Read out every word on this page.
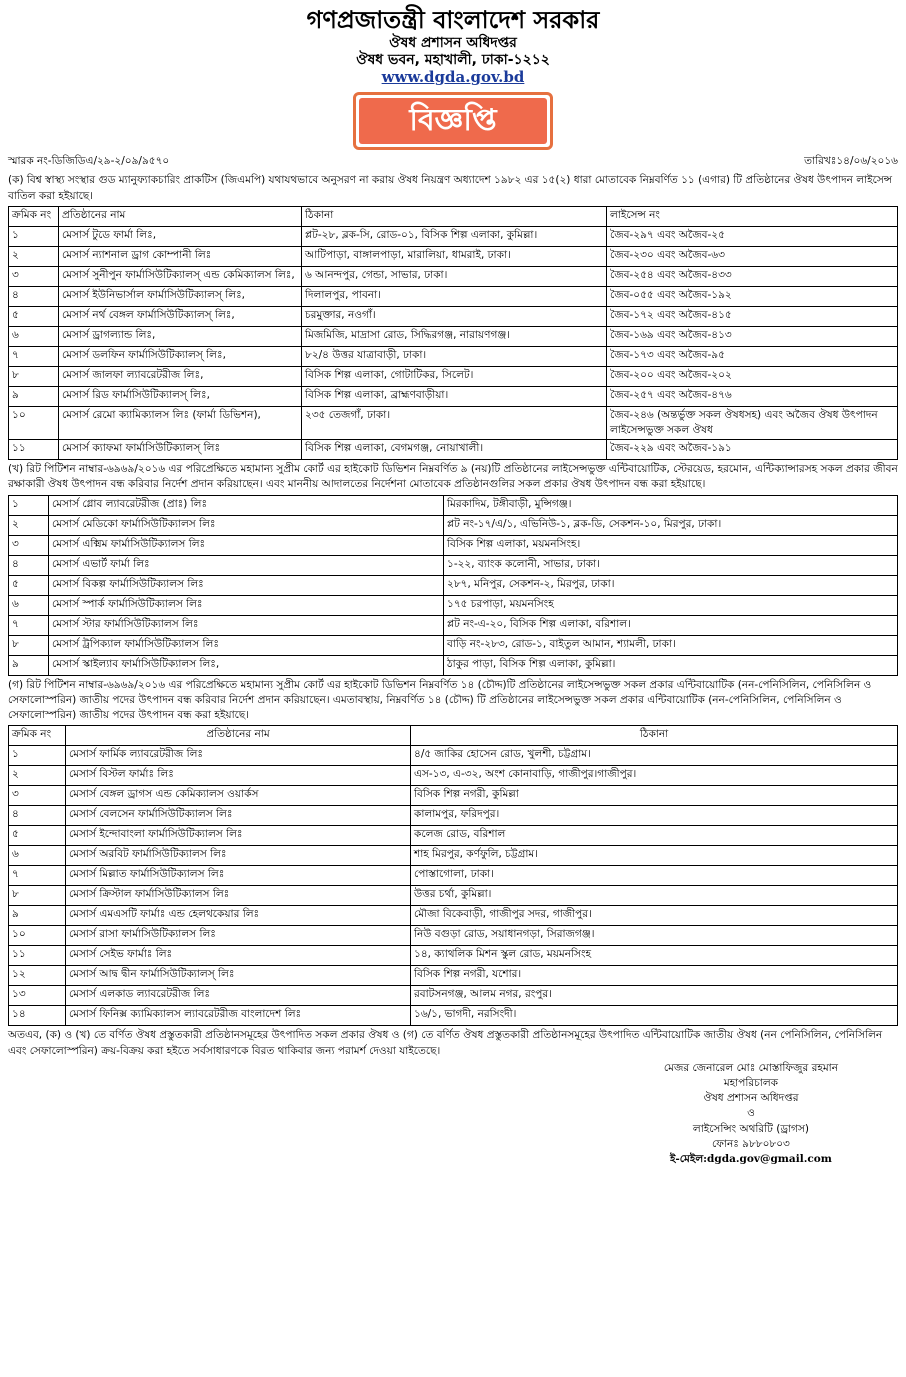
গণপ্রজাতন্ত্রী বাংলাদেশ সরকার
ঔষধ প্রশাসন অধিদপ্তর
ঔষধ ভবন, মহাখালী, ঢাকা-১২১২
www.dgda.gov.bd
বিজ্ঞপ্তি
স্মারক নং-ডিজিডিএ/২৯-২/০৯/৯৫৭০	তারিখঃ১৪/০৬/২০১৬
(ক) বিশ্ব স্বাস্থ্য সংস্থার গুড ম্যানুফ্যাকচারিং প্রাকটিস (জিএমপি) যথাযথভাবে অনুসরণ না করায় ঔষধ নিয়ন্ত্রণ অধ্যাদেশ ১৯৮২ এর ১৫(২) ধারা মোতাবেক নিম্নবর্ণিত ১১ (এগার) টি প্রতিষ্ঠানের ঔষধ উৎপাদন লাইসেন্স বাতিল করা হইয়াছে।
ক্রমিক নং	প্রতিষ্ঠানের নাম	ঠিকানা	লাইসেন্স নং
১	মেসার্স টুডে ফার্মা লিঃ,	প্লট-২৮, ব্লক-সি, রোড-০১, বিসিক শিল্প এলাকা, কুমিল্লা।	জৈব-২৯৭ এবং অজৈব-২৫
২	মেসার্স ন্যাশনাল ড্রাগ কোম্পানী লিঃ	আটিপাড়া, বাঙ্গালপাড়া, মারালিয়া, ধামরাই, ঢাকা।	জৈব-২৩০ এবং অজৈব-৬৩
৩	মেসার্স সুনীপুন ফার্মাসিউটিক্যালস্ এন্ড কেমিক্যালস লিঃ,	৬ আনন্দপুর, গেন্ডা, সাভার, ঢাকা।	জৈব-২৫৪ এবং অজৈব-৪৩৩
৪	মেসার্স ইউনিভার্সাল ফার্মাসিউটিক্যালস্ লিঃ,	দিলালপুর, পাবনা।	জৈব-০৫৫ এবং অজৈব-১৯২
৫	মেসার্স নর্থ বেঙ্গল ফার্মাসিউটিক্যালস্ লিঃ,	চরমুক্তার, নওগাঁ।	জৈব-১৭২ এবং অজৈব-৪১৫
৬	মেসার্স ড্রাগল্যান্ড লিঃ,	মিজমিজি, মাদ্রাসা রোড, সিদ্ধিরগঞ্জ, নারায়ণগঞ্জ।	জৈব-১৬৯ এবং অজৈব-৪১৩
৭	মেসার্স ডলফিন ফার্মাসিউটিক্যালস্ লিঃ,	৮২/৪ উত্তর যাত্রাবাড়ী, ঢাকা।	জৈব-১৭৩ এবং অজৈব-৯৫
৮	মেসার্স জালফা ল্যাবরেটরীজ লিঃ,	বিসিক শিল্প এলাকা, গোটাটিকর, সিলেট।	জৈব-২০০ এবং অজৈব-২০২
৯	মেসার্স রিড ফার্মাসিউটিক্যালস্ লিঃ,	বিসিক শিল্প এলাকা, ব্রাহ্মণবাড়ীয়া।	জৈব-২৫৭ এবং অজৈব-৪৭৬
১০	মেসার্স রেমো ক্যামিক্যালস লিঃ (ফার্মা ডিভিশন),	২৩৫ তেজগাঁ, ঢাকা।	জৈব-২৪৬ (অন্তর্ভুক্ত সকল ঔষধসহ) এবং অজৈব ঔষধ উৎপাদন লাইসেন্সভুক্ত সকল ঔষধ
১১	মেসার্স ক্যাফমা ফার্মাসিউটিক্যালস্ লিঃ	বিসিক শিল্প এলাকা, বেগমগঞ্জ, নোয়াখালী।	জৈব-২২৯ এবং অজৈব-১৯১
(খ) রিট পিটিশন নাম্বার-৬৯৬৯/২০১৬ এর পরিপ্রেক্ষিতে মহামান্য সুপ্রীম কোর্ট এর হাইকোট ডিভিশন নিম্নবর্ণিত ৯ (নয়)টি প্রতিষ্ঠানের লাইসেন্সভুক্ত এন্টিবায়োটিক, স্টেরয়েড, হরমোন, এন্টিক্যান্সারসহ সকল প্রকার জীবন রক্ষাকারী ঔষধ উৎপাদন বন্ধ করিবার নির্দেশ প্রদান করিয়াছেন। এবং মাননীয় আদালতের নির্দেশনা মোতাবেক প্রতিষ্ঠানগুলির সকল প্রকার ঔষধ উৎপাদন বন্ধ করা হইয়াছে।
১	মেসার্স গ্লোব ল্যাবরেটরীজ (প্রাঃ) লিঃ	মিরকাদিম, টঙ্গীবাড়ী, মুন্সিগঞ্জ।
২	মেসার্স মেডিকো ফার্মাসিউটিক্যালস লিঃ	প্লট নং-১৭/এ/১, এভিনিউ-১, ব্লক-ডি, সেকশন-১০, মিরপুর, ঢাকা।
৩	মেসার্স এক্মিম ফার্মাসিউটিক্যালস লিঃ	বিসিক শিল্প এলাকা, ময়মনসিংহ।
৪	মেসার্স এভার্ট ফার্মা লিঃ	১-২২, ব্যাংক কলোনী, সাভার, ঢাকা।
৫	মেসার্স বিকল্প ফার্মাসিউটিক্যালস লিঃ	২৮৭, মনিপুর, সেকশন-২, মিরপুর, ঢাকা।
৬	মেসার্স স্পার্ক ফার্মাসিউটিক্যালস লিঃ	১৭৫ চরপাড়া, ময়মনসিংহ
৭	মেসার্স স্টার ফার্মাসিউটিক্যালস লিঃ	প্লট নং-এ-২০, বিসিক শিল্প এলাকা, বরিশাল।
৮	মেসার্স ট্রপিক্যাল ফার্মাসিউটিক্যালস লিঃ	বাড়ি নং-২৮৩, রোড-১, বাইতুল আমান, শ্যামলী, ঢাকা।
৯	মেসার্স স্কাইল্যাব ফার্মাসিউটিক্যালস লিঃ,	ঠাকুর পাড়া, বিসিক শিল্প এলাকা, কুমিল্লা।
(গ) রিট পিটিশন নাম্বার-৬৯৬৯/২০১৬ এর পরিপ্রেক্ষিতে মহামান্য সুপ্রীম কোর্ট এর হাইকোট ডিভিশন নিম্নবর্ণিত ১৪ (চৌদ্দ)টি প্রতিষ্ঠানের লাইসেন্সভুক্ত সকল প্রকার এন্টিবায়োটিক (নন-পেনিসিলিন, পেনিসিলিন ও সেফালোস্পরিন) জাতীয় পদের উৎপাদন বন্ধ করিবার নির্দেশ প্রদান করিয়াছেন। এমতাবস্থায়, নিম্নবর্ণিত ১৪ (চৌদ্দ) টি প্রতিষ্ঠানের লাইসেন্সভুক্ত সকল প্রকার এন্টিবায়োটিক (নন-পেনিসিলিন, পেনিসিলিন ও সেফালোস্পরিন) জাতীয় পদের উৎপাদন বন্ধ করা হইয়াছে।
ক্রমিক নং	প্রতিষ্ঠানের নাম	ঠিকানা
১	মেসার্স ফার্মিক ল্যাবরেটরীজ লিঃ	৪/৫ জাকির হোসেন রোড, খুলশী, চট্টগ্রাম।
২	মেসার্স বিস্টল ফার্মাঃ লিঃ	এস-১৩, এ-৩২, অংশ কোনাবাড়ি, গাজীপুর।গাজীপুর।
৩	মেসার্স বেঙ্গল ড্রাগস এন্ড কেমিক্যালস ওয়ার্কস	বিসিক শিল্প নগরী, কুমিল্লা
৪	মেসার্স বেলসেন ফার্মাসিউটিক্যালস লিঃ	কালামপুর, ফরিদপুর।
৫	মেসার্স ইন্দোবাংলা ফার্মাসিউটিক্যালস লিঃ	কলেজ রোড, বরিশাল
৬	মেসার্স অরবিট ফার্মাসিউটিক্যালস লিঃ	শাহ মিরপুর, কর্ণফুলি, চট্টগ্রাম।
৭	মেসার্স মিল্লাত ফার্মাসিউটিক্যালস লিঃ	পোস্তাগোলা, ঢাকা।
৮	মেসার্স ক্রিস্টাল ফার্মাসিউটিক্যালস লিঃ	উত্তর চর্থা, কুমিল্লা।
৯	মেসার্স এমএসটি ফার্মাঃ এন্ড হেলথকেয়ার লিঃ	মৌজা বিকেবাড়ী, গাজীপুর সদর, গাজীপুর।
১০	মেসার্স রাসা ফার্মাসিউটিক্যালস লিঃ	নিউ বগুড়া রোড, সয়াধানগড়া, সিরাজগঞ্জ।
১১	মেসার্স সেইভ ফার্মাঃ লিঃ	১৪, ক্যাথলিক মিশন স্কুল রোড, ময়মনসিংহ
১২	মেসার্স আদ্ব দ্বীন ফার্মাসিউটিক্যালস্ লিঃ	বিসিক শিল্প নগরী, যশোর।
১৩	মেসার্স এলকাড ল্যাবরেটরীজ লিঃ	রবাটসনগঞ্জ, আলম নগর, রংপুর।
১৪	মেসার্স ফিনিক্স ক্যামিক্যালস ল্যাবরেটরীজ বাংলাদেশ লিঃ	১৬/১, ভাগদী, নরসিংদী।
অতএব, (ক) ও (খ) তে বর্ণিত ঔষধ প্রস্তুতকারী প্রতিষ্ঠানসমূহের উৎপাদিত সকল প্রকার ঔষধ ও (গ) তে বর্ণিত ঔষধ প্রস্তুতকারী প্রতিষ্ঠানসমূহের উৎপাদিত এন্টিবায়োটিক জাতীয় ঔষধ (নন পেনিসিলিন, পেনিসিলিন এবং সেফালোস্পরিন) ক্রয়-বিক্রয় করা হইতে সর্বসাধারণকে বিরত থাকিবার জন্য পরামর্শ দেওয়া যাইতেছে।
মেজর জেনারেল মোঃ মোস্তাফিজুর রহমান
মহাপরিচালক
ঔষধ প্রশাসন অধিদপ্তর
ও
লাইসেন্সিং অথরিটি (ড্রাগস)
ফোনঃ ৯৮৮০৮০৩
ই-মেইল:dgda.gov@gmail.com
